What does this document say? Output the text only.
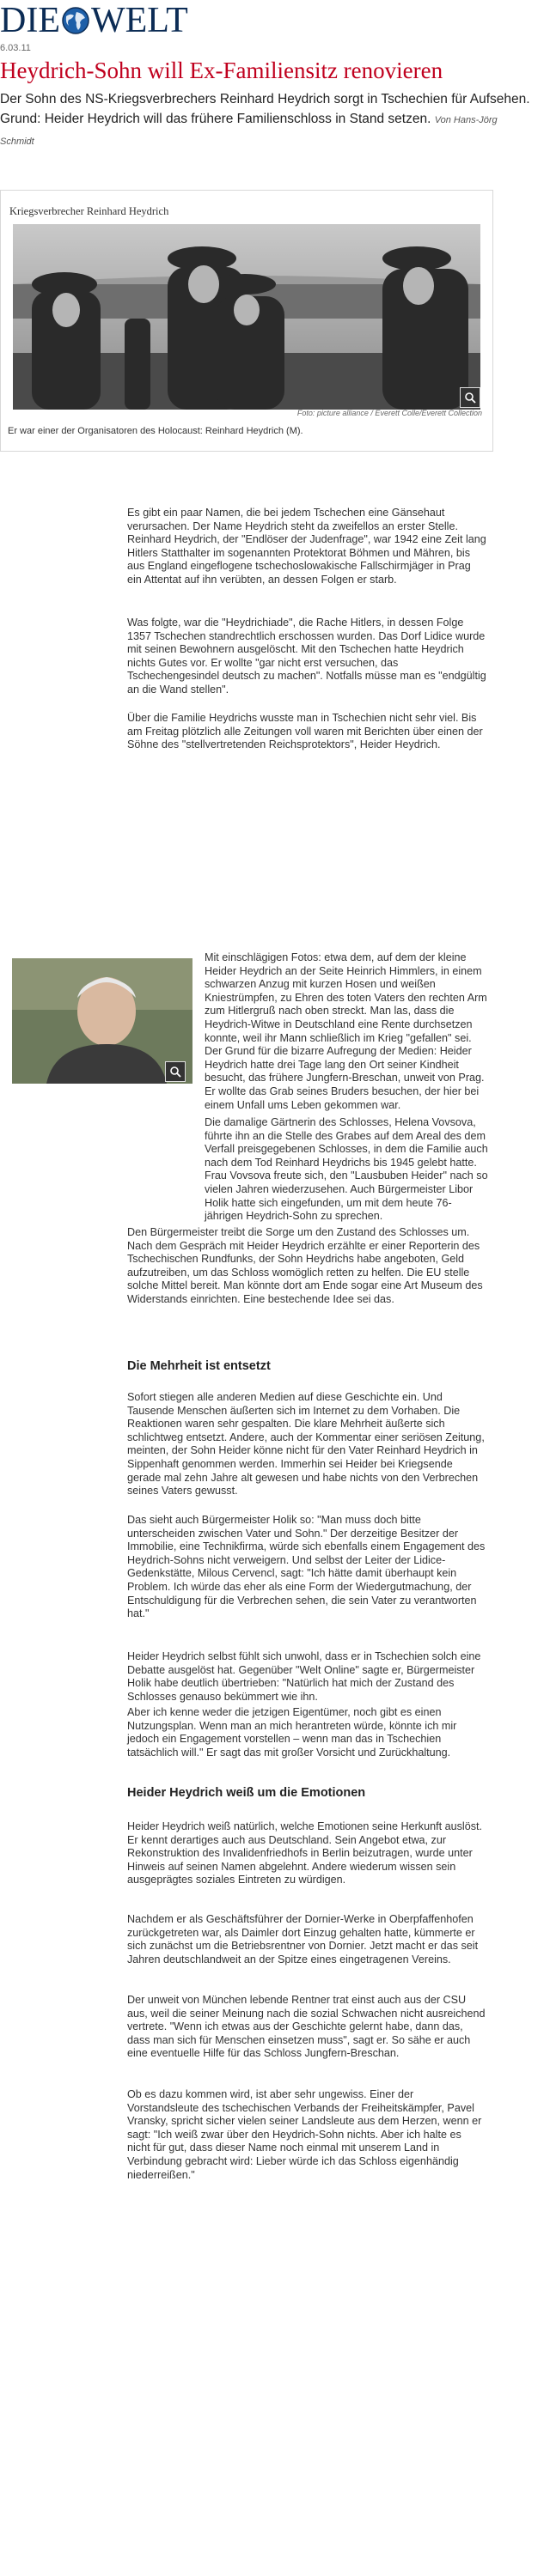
DIE WELT
6.03.11
Heydrich-Sohn will Ex-Familiensitz renovieren
Der Sohn des NS-Kriegsverbrechers Reinhard Heydrich sorgt in Tschechien für Aufsehen. Grund: Heider Heydrich will das frühere Familienschloss in Stand setzen. Von Hans-Jörg Schmidt
Kriegsverbrecher Reinhard Heydrich
Foto: picture alliance / Everett Colle/Everett Collection
Er war einer der Organisatoren des Holocaust: Reinhard Heydrich (M).

Es gibt ein paar Namen, die bei jedem Tschechen eine Gänsehaut verursachen. Der Name Heydrich steht da zweifellos an erster Stelle. Reinhard Heydrich, der "Endlöser der Judenfrage", war 1942 eine Zeit lang Hitlers Statthalter im sogenannten Protektorat Böhmen und Mähren, bis aus England eingeflogene tschechoslowakische Fallschirmjäger in Prag ein Attentat auf ihn verübten, an dessen Folgen er starb.

Was folgte, war die "Heydrichiade", die Rache Hitlers, in dessen Folge 1357 Tschechen standrechtlich erschossen wurden. Das Dorf Lidice wurde mit seinen Bewohnern ausgelöscht. Mit den Tschechen hatte Heydrich nichts Gutes vor. Er wollte "gar nicht erst versuchen, das Tschechengesindel deutsch zu machen". Notfalls müsse man es "endgültig an die Wand stellen".

Über die Familie Heydrichs wusste man in Tschechien nicht sehr viel. Bis am Freitag plötzlich alle Zeitungen voll waren mit Berichten über einen der Söhne des "stellvertretenden Reichsprotektors", Heider Heydrich.

Mit einschlägigen Fotos: etwa dem, auf dem der kleine Heider Heydrich an der Seite Heinrich Himmlers, in einem schwarzen Anzug mit kurzen Hosen und weißen Kniestrümpfen, zu Ehren des toten Vaters den rechten Arm zum Hitlergruß nach oben streckt. Man las, dass die Heydrich-Witwe in Deutschland eine Rente durchsetzen konnte, weil ihr Mann schließlich im Krieg "gefallen" sei. Der Grund für die bizarre Aufregung der Medien: Heider Heydrich hatte drei Tage lang den Ort seiner Kindheit besucht, das frühere Jungfern-Breschan, unweit von Prag. Er wollte das Grab seines Bruders besuchen, der hier bei einem Unfall ums Leben gekommen war.

Die damalige Gärtnerin des Schlosses, Helena Vovsova, führte ihn an die Stelle des Grabes auf dem Areal des dem Verfall preisgegebenen Schlosses, in dem die Familie auch nach dem Tod Reinhard Heydrichs bis 1945 gelebt hatte. Frau Vovsova freute sich, den "Lausbuben Heider" nach so vielen Jahren wiederzusehen. Auch Bürgermeister Libor Holik hatte sich eingefunden, um mit dem heute 76-jährigen Heydrich-Sohn zu sprechen.

Den Bürgermeister treibt die Sorge um den Zustand des Schlosses um. Nach dem Gespräch mit Heider Heydrich erzählte er einer Reporterin des Tschechischen Rundfunks, der Sohn Heydrichs habe angeboten, Geld aufzutreiben, um das Schloss womöglich retten zu helfen. Die EU stelle solche Mittel bereit. Man könnte dort am Ende sogar eine Art Museum des Widerstands einrichten. Eine bestechende Idee sei das.

Die Mehrheit ist entsetzt

Sofort stiegen alle anderen Medien auf diese Geschichte ein. Und Tausende Menschen äußerten sich im Internet zu dem Vorhaben. Die Reaktionen waren sehr gespalten. Die klare Mehrheit äußerte sich schlichtweg entsetzt. Andere, auch der Kommentar einer seriösen Zeitung, meinten, der Sohn Heider könne nicht für den Vater Reinhard Heydrich in Sippenhaft genommen werden. Immerhin sei Heider bei Kriegsende gerade mal zehn Jahre alt gewesen und habe nichts von den Verbrechen seines Vaters gewusst.

Das sieht auch Bürgermeister Holik so: "Man muss doch bitte unterscheiden zwischen Vater und Sohn." Der derzeitige Besitzer der Immobilie, eine Technikfirma, würde sich ebenfalls einem Engagement des Heydrich-Sohns nicht verweigern. Und selbst der Leiter der Lidice-Gedenkstätte, Milous Cervencl, sagt: "Ich hätte damit überhaupt kein Problem. Ich würde das eher als eine Form der Wiedergutmachung, der Entschuldigung für die Verbrechen sehen, die sein Vater zu verantworten hat."

Heider Heydrich selbst fühlt sich unwohl, dass er in Tschechien solch eine Debatte ausgelöst hat. Gegenüber "Welt Online" sagte er, Bürgermeister Holik habe deutlich übertrieben: "Natürlich hat mich der Zustand des Schlosses genauso bekümmert wie ihn.

Aber ich kenne weder die jetzigen Eigentümer, noch gibt es einen Nutzungsplan. Wenn man an mich herantreten würde, könnte ich mir jedoch ein Engagement vorstellen – wenn man das in Tschechien tatsächlich will." Er sagt das mit großer Vorsicht und Zurückhaltung.

Heider Heydrich weiß um die Emotionen

Heider Heydrich weiß natürlich, welche Emotionen seine Herkunft auslöst. Er kennt derartiges auch aus Deutschland. Sein Angebot etwa, zur Rekonstruktion des Invalidenfriedhofs in Berlin beizutragen, wurde unter Hinweis auf seinen Namen abgelehnt. Andere wiederum wissen sein ausgeprägtes soziales Eintreten zu würdigen.

Nachdem er als Geschäftsführer der Dornier-Werke in Oberpfaffenhofen zurückgetreten war, als Daimler dort Einzug gehalten hatte, kümmerte er sich zunächst um die Betriebsrentner von Dornier. Jetzt macht er das seit Jahren deutschlandweit an der Spitze eines eingetragenen Vereins.

Der unweit von München lebende Rentner trat einst auch aus der CSU aus, weil die seiner Meinung nach die sozial Schwachen nicht ausreichend vertrete. "Wenn ich etwas aus der Geschichte gelernt habe, dann das, dass man sich für Menschen einsetzen muss", sagt er. So sähe er auch eine eventuelle Hilfe für das Schloss Jungfern-Breschan.

Ob es dazu kommen wird, ist aber sehr ungewiss. Einer der Vorstandsleute des tschechischen Verbands der Freiheitskämpfer, Pavel Vransky, spricht sicher vielen seiner Landsleute aus dem Herzen, wenn er sagt: "Ich weiß zwar über den Heydrich-Sohn nichts. Aber ich halte es nicht für gut, dass dieser Name noch einmal mit unserem Land in Verbindung gebracht wird: Lieber würde ich das Schloss eigenhändig niederreißen."
